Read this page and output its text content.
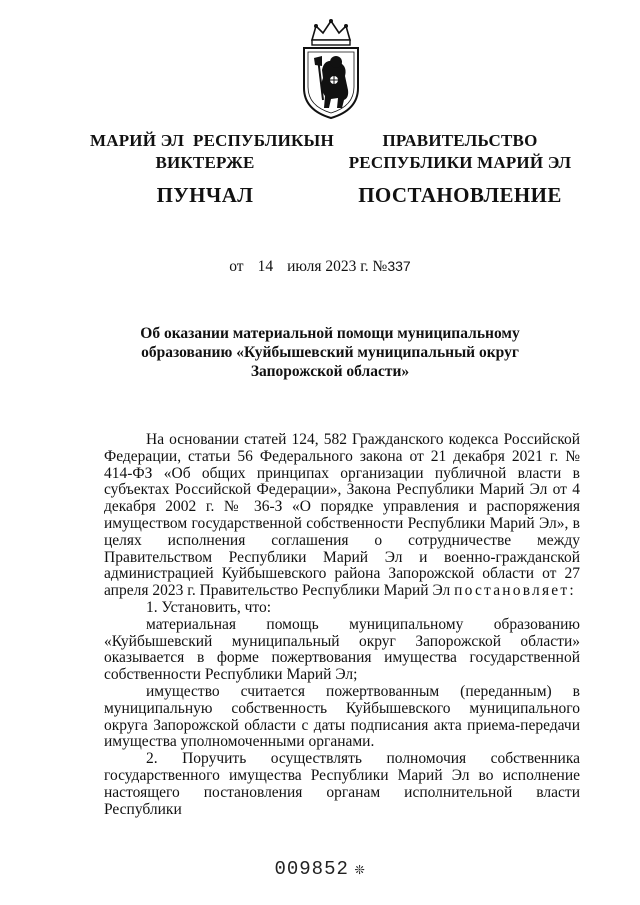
МАРИЙ ЭЛ  РЕСПУБЛИКЫН
ВИКТЕРЖЕ
ПУНЧАЛ
ПРАВИТЕЛЬСТВО
РЕСПУБЛИКИ МАРИЙ ЭЛ
ПОСТАНОВЛЕНИЕ
от 14 июля 2023 г. №337
Об оказании материальной помощи муниципальному
образованию «Куйбышевский муниципальный округ
Запорожской области»

На основании статей 124, 582 Гражданского кодекса Российской Федерации, статьи 56 Федерального закона от 21 декабря 2021 г. № 414-ФЗ «Об общих принципах организации публичной власти в субъектах Российской Федерации», Закона Республики Марий Эл от 4 декабря 2002 г. № 36-З «О порядке управления и распоряжения имуществом государственной собственности Республики Марий Эл», в целях исполнения соглашения о сотрудничестве между Правительством Республики Марий Эл и военно-гражданской администрацией Куйбышевского района Запорожской области от 27 апреля 2023 г. Правительство Республики Марий Эл постановляет:

1. Установить, что:

материальная помощь муниципальному образованию «Куйбышевский муниципальный округ Запорожской области» оказывается в форме пожертвования имущества государственной собственности Республики Марий Эл;

имущество считается пожертвованным (переданным) в муниципальную собственность Куйбышевского муниципального округа Запорожской области с даты подписания акта приема-передачи имущества уполномоченными органами.

2. Поручить осуществлять полномочия собственника государственного имущества Республики Марий Эл во исполнение настоящего постановления органам исполнительной власти Республики

009852 ❊
